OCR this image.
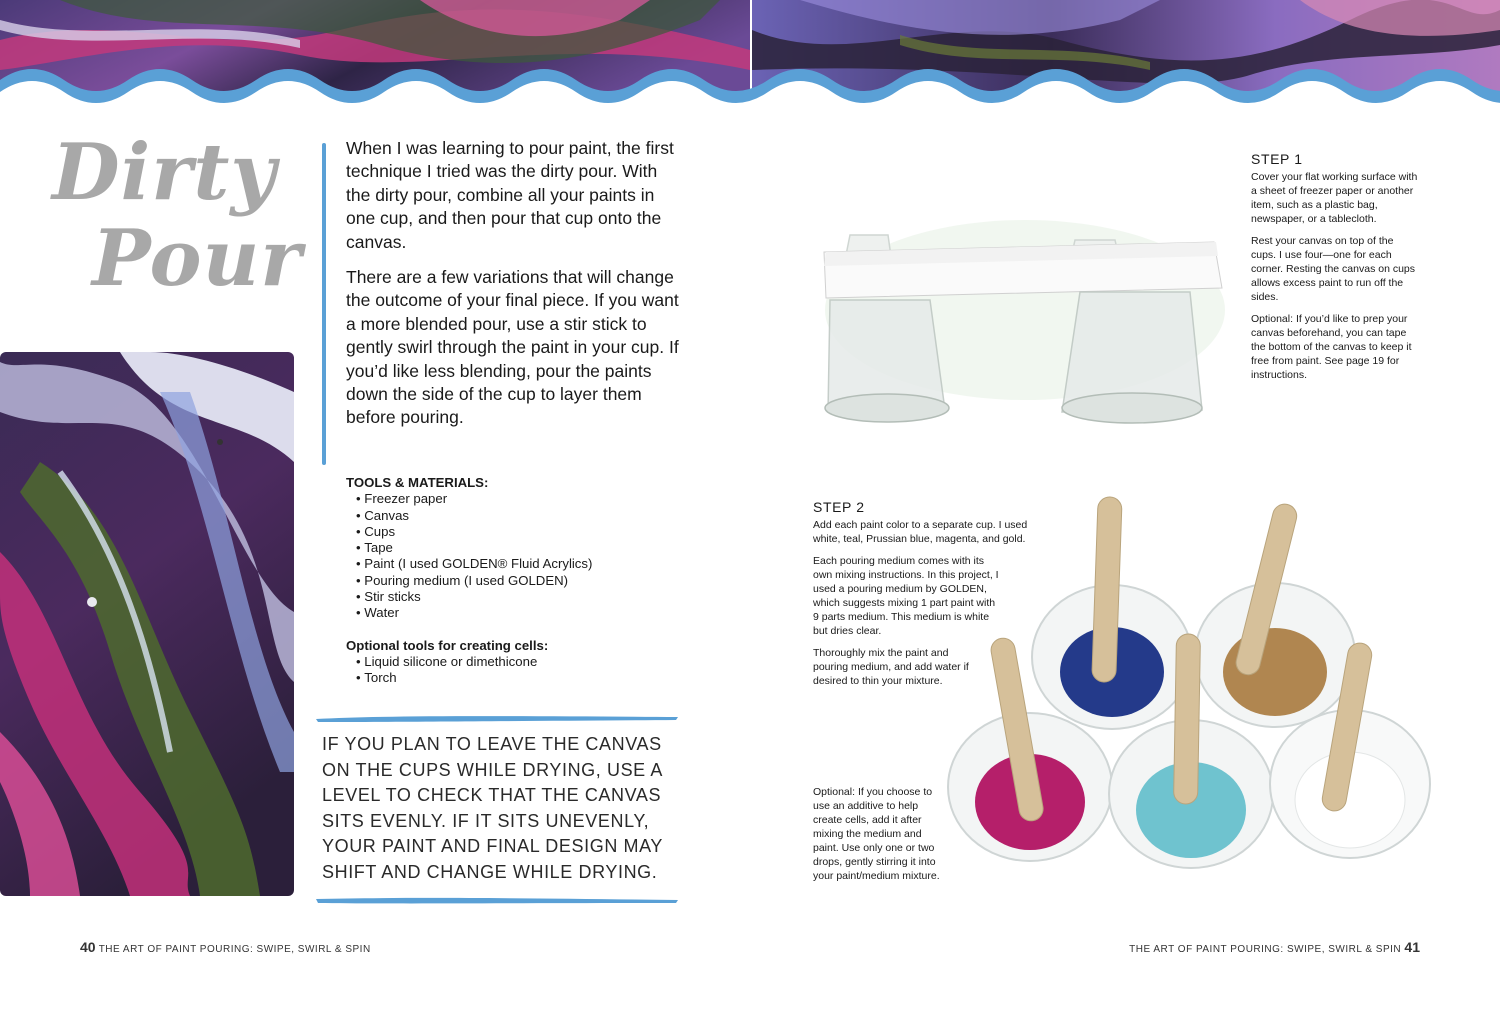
Dirty
Pour

When I was learning to pour paint, the first technique I tried was the dirty pour. With the dirty pour, combine all your paints in one cup, and then pour that cup onto the canvas.

There are a few variations that will change the outcome of your final piece. If you want a more blended pour, use a stir stick to gently swirl through the paint in your cup. If you’d like less blending, pour the paints down the side of the cup to layer them before pouring.

TOOLS & MATERIALS:
• Freezer paper
• Canvas
• Cups
• Tape
• Paint (I used GOLDEN® Fluid Acrylics)
• Pouring medium (I used GOLDEN)
• Stir sticks
• Water
Optional tools for creating cells:
• Liquid silicone or dimethicone
• Torch
IF YOU PLAN TO LEAVE THE CANVAS ON THE CUPS WHILE DRYING, USE A LEVEL TO CHECK THAT THE CANVAS SITS EVENLY. IF IT SITS UNEVENLY, YOUR PAINT AND FINAL DESIGN MAY SHIFT AND CHANGE WHILE DRYING.
STEP 1

Cover your flat working surface with a sheet of freezer paper or another item, such as a plastic bag, newspaper, or a tablecloth.

Rest your canvas on top of the cups. I use four—one for each corner. Resting the canvas on cups allows excess paint to run off the sides.

Optional: If you’d like to prep your canvas beforehand, you can tape the bottom of the canvas to keep it free from paint. See page 19 for instructions.

STEP 2

Add each paint color to a separate cup. I used white, teal, Prussian blue, magenta, and gold.

Each pouring medium comes with its own mixing instructions. In this project, I used a pouring medium by GOLDEN, which suggests mixing 1 part paint with 9 parts medium. This medium is white but dries clear.

Thoroughly mix the paint and pouring medium, and add water if desired to thin your mixture.

Optional: If you choose to use an additive to help create cells, add it after mixing the medium and paint. Use only one or two drops, gently stirring it into your paint/medium mixture.

40 THE ART OF PAINT POURING: SWIPE, SWIRL & SPIN	THE ART OF PAINT POURING: SWIPE, SWIRL & SPIN 41
